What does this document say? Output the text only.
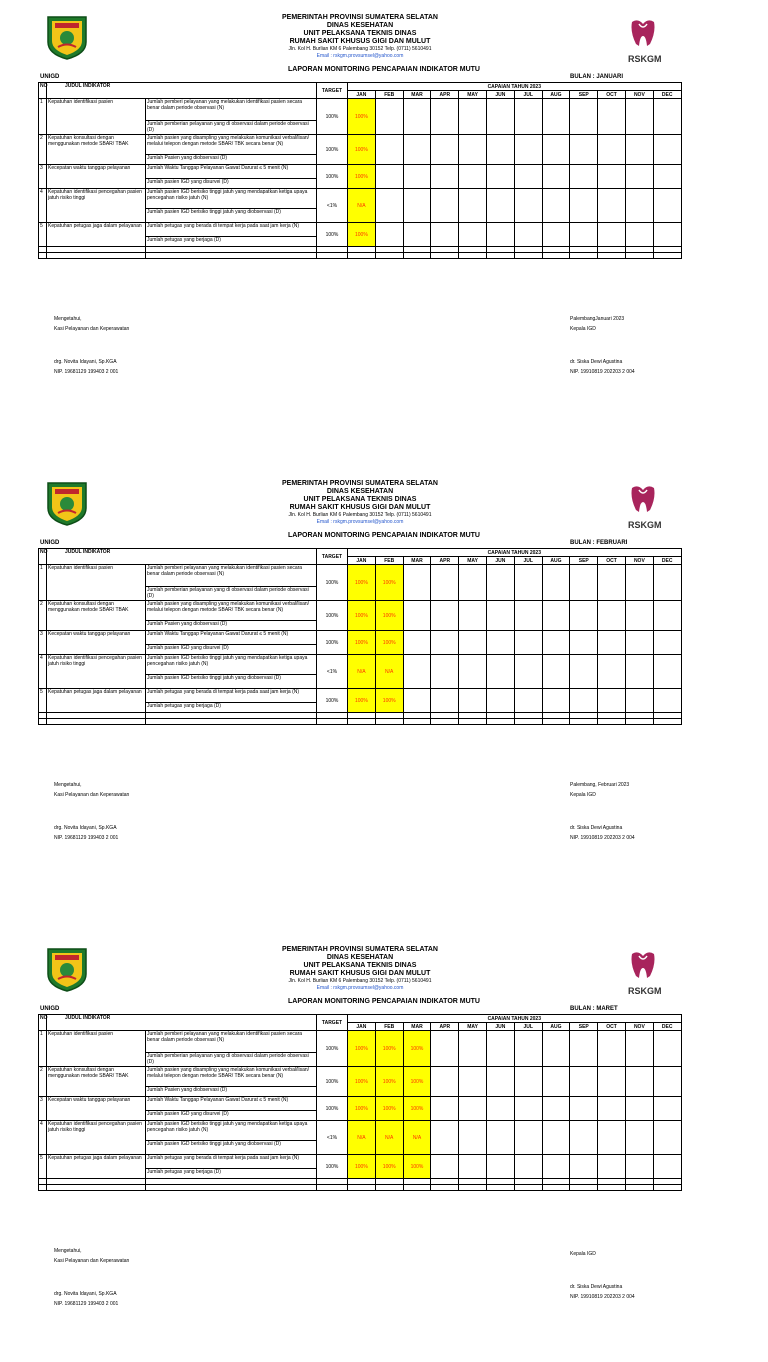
PEMERINTAH PROVINSI SUMATERA SELATAN
DINAS KESEHATAN
UNIT PELAKSANA TEKNIS DINAS
RUMAH SAKIT KHUSUS GIGI DAN MULUT
Jln. Kol H. Burlian KM 6 Palembang 30152 Telp. (0711) 5610491
Email : rskgm.provsumsel@yahoo.com	RSKGM
LAPORAN MONITORING PENCAPAIAN INDIKATOR MUTU
UNIGD	BULAN : JANUARI
NO	JUDUL INDIKATOR		TARGET	CAPAIAN TAHUN 2023											
				JAN	FEB	MAR	APR	MAY	JUN	JUL	AUG	SEP	OCT	NOV	DEC
1	Kepatuhan identifikasi pasien	Jumlah pemberi pelayanan yang melakukan identifikasi pasien secara benar dalam periode observasi (N)	100%	100%											
		Jumlah pemberian pelayanan yang di observasi dalam periode observasi (D)													
2	Kepatuhan konsultasi dengan menggunakan metode SBAR/ TBAK	Jumlah pasien yang disampling yang melakukan komunikasi verbal/lisan/ melalui telepon dengan metode SBAR/ TBK secara benar (N)	100%	100%											
		Jumlah Pasien yang diobservasi (D)													
3	Kecepatan waktu tanggap pelayanan	Jumlah Waktu Tanggap Pelayanan Gawat Darurat ≤ 5 menit (N)	100%	100%											
		Jumlah pasien IGD yang disurvei (D)													
4	Kepatuhan identifikasi pencegahan pasien jatuh risiko tinggi	Jumlah pasien IGD berisiko tinggi jatuh yang mendapatkan ketiga upaya pencegahan risiko jatuh (N)	<1%	N/A											
		Jumlah pasien IGD berisiko tinggi jatuh yang diobservasi (D)													
5	Kepatuhan petugas jaga dalam pelayanan	Jumlah petugas yang berada di tempat kerja pada saat jam kerja (N)	100%	100%											
		Jumlah petugas yang berjaga (D)													

Mengetahui,
Kasi Pelayanan dan Keperawatan
drg. Novita Idayani, Sp.KGA
NIP. 19681129 199403 2 001
PalembangJanuari 2023
Kepala IGD
dr. Siska Dewi Agustina
NIP. 19910819 202203 2 004
PEMERINTAH PROVINSI SUMATERA SELATAN
DINAS KESEHATAN
UNIT PELAKSANA TEKNIS DINAS
RUMAH SAKIT KHUSUS GIGI DAN MULUT
Jln. Kol H. Burlian KM 6 Palembang 30152 Telp. (0711) 5610491
Email : rskgm.provsumsel@yahoo.com	RSKGM
LAPORAN MONITORING PENCAPAIAN INDIKATOR MUTU
UNIGD	BULAN : FEBRUARI
NO	JUDUL INDIKATOR		TARGET	CAPAIAN TAHUN 2023											
				JAN	FEB	MAR	APR	MAY	JUN	JUL	AUG	SEP	OCT	NOV	DEC
1	Kepatuhan identifikasi pasien	Jumlah pemberi pelayanan yang melakukan identifikasi pasien secara benar dalam periode observasi (N)	100%	100%	100%										
		Jumlah pemberian pelayanan yang di observasi dalam periode observasi (D)													
2	Kepatuhan konsultasi dengan menggunakan metode SBAR/ TBAK	Jumlah pasien yang disampling yang melakukan komunikasi verbal/lisan/ melalui telepon dengan metode SBAR/ TBK secara benar (N)	100%	100%	100%										
		Jumlah Pasien yang diobservasi (D)													
3	Kecepatan waktu tanggap pelayanan	Jumlah Waktu Tanggap Pelayanan Gawat Darurat ≤ 5 menit (N)	100%	100%	100%										
		Jumlah pasien IGD yang disurvei (D)													
4	Kepatuhan identifikasi pencegahan pasien jatuh risiko tinggi	Jumlah pasien IGD berisiko tinggi jatuh yang mendapatkan ketiga upaya pencegahan risiko jatuh (N)	<1%	N/A	N/A										
		Jumlah pasien IGD berisiko tinggi jatuh yang diobservasi (D)													
5	Kepatuhan petugas jaga dalam pelayanan	Jumlah petugas yang berada di tempat kerja pada saat jam kerja (N)	100%	100%	100%										
		Jumlah petugas yang berjaga (D)													

Mengetahui,
Kasi Pelayanan dan Keperawatan
drg. Novita Idayani, Sp.KGA
NIP. 19681129 199403 2 001
Palembang, Februari 2023
Kepala IGD
dr. Siska Dewi Agustina
NIP. 19910819 202203 2 004
PEMERINTAH PROVINSI SUMATERA SELATAN
DINAS KESEHATAN
UNIT PELAKSANA TEKNIS DINAS
RUMAH SAKIT KHUSUS GIGI DAN MULUT
Jln. Kol H. Burlian KM 6 Palembang 30152 Telp. (0711) 5610491
Email : rskgm.provsumsel@yahoo.com	RSKGM
LAPORAN MONITORING PENCAPAIAN INDIKATOR MUTU
UNIGD	BULAN : MARET
NO	JUDUL INDIKATOR		TARGET	CAPAIAN TAHUN 2023											
				JAN	FEB	MAR	APR	MAY	JUN	JUL	AUG	SEP	OCT	NOV	DEC
1	Kepatuhan identifikasi pasien	Jumlah pemberi pelayanan yang melakukan identifikasi pasien secara benar dalam periode observasi (N)	100%	100%	100%	100%									
		Jumlah pemberian pelayanan yang di observasi dalam periode observasi (D)													
2	Kepatuhan konsultasi dengan menggunakan metode SBAR/ TBAK	Jumlah pasien yang disampling yang melakukan komunikasi verbal/lisan/ melalui telepon dengan metode SBAR/ TBK secara benar (N)	100%	100%	100%	100%									
		Jumlah Pasien yang diobservasi (D)													
3	Kecepatan waktu tanggap pelayanan	Jumlah Waktu Tanggap Pelayanan Gawat Darurat ≤ 5 menit (N)	100%	100%	100%	100%									
		Jumlah pasien IGD yang disurvei (D)													
4	Kepatuhan identifikasi pencegahan pasien jatuh risiko tinggi	Jumlah pasien IGD berisiko tinggi jatuh yang mendapatkan ketiga upaya pencegahan risiko jatuh (N)	<1%	N/A	N/A	N/A									
		Jumlah pasien IGD berisiko tinggi jatuh yang diobservasi (D)													
5	Kepatuhan petugas jaga dalam pelayanan	Jumlah petugas yang berada di tempat kerja pada saat jam kerja (N)	100%	100%	100%	100%									
		Jumlah petugas yang berjaga (D)													

Mengetahui,
Kasi Pelayanan dan Keperawatan
drg. Novita Idayani, Sp.KGA
NIP. 19681129 199403 2 001
Kepala IGD
dr. Siska Dewi Agustina
NIP. 19910819 202203 2 004
